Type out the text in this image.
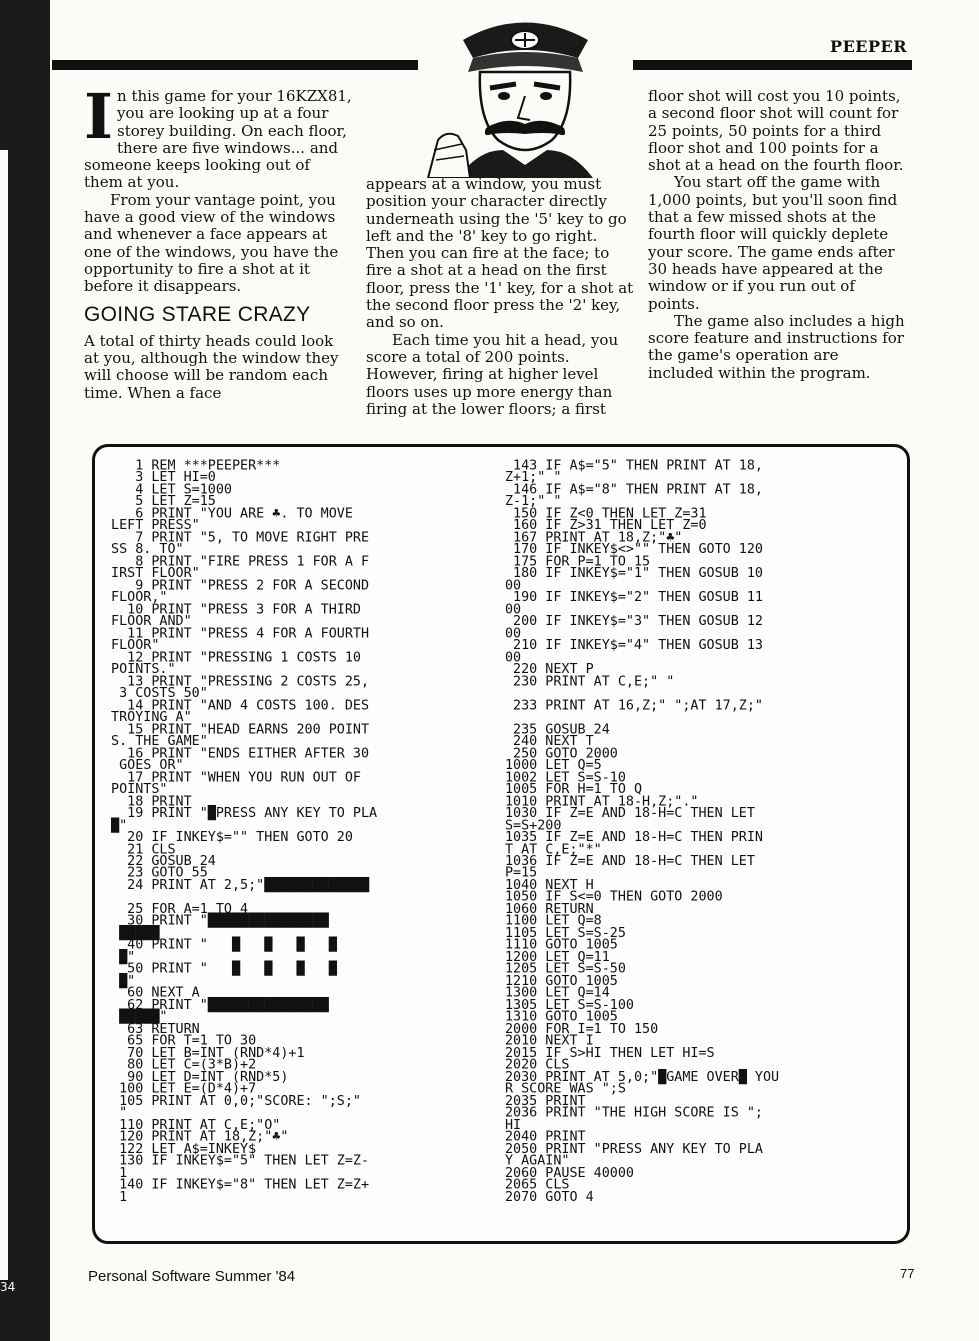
34
PEEPER

In this game for your 16KZX81, you are looking up at a four storey building. On each floor, there are five windows... and someone keeps looking out of them at you.

From your vantage point, you have a good view of the windows and whenever a face appears at one of the windows, you have the opportunity to fire a shot at it before it disappears.

GOING STARE CRAZY

A total of thirty heads could look at you, although the window they will choose will be random each time. When a face

appears at a window, you must position your character directly underneath using the '5' key to go left and the '8' key to go right. Then you can fire at the face; to fire a shot at a head on the first floor, press the '1' key, for a shot at the second floor press the '2' key, and so on.

Each time you hit a head, you score a total of 200 points. However, firing at higher level floors uses up more energy than firing at the lower floors; a first

floor shot will cost you 10 points, a second floor shot will count for 25 points, 50 points for a third floor shot and 100 points for a shot at a head on the fourth floor.

You start off the game with 1,000 points, but you'll soon find that a few missed shots at the fourth floor will quickly deplete your score. The game ends after 30 heads have appeared at the window or if you run out of points.

The game also includes a high score feature and instructions for the game's operation are included within the program.

1 REM ***PEEPER***
3 LET HI=0
4 LET S=1000
5 LET Z=15
6 PRINT "YOU ARE ♣. TO MOVE
LEFT PRESS"
7 PRINT "5, TO MOVE RIGHT PRE
SS 8. TO"
8 PRINT "FIRE PRESS 1 FOR A F
IRST FLOOR"
9 PRINT "PRESS 2 FOR A SECOND
FLOOR,"
10 PRINT "PRESS 3 FOR A THIRD
FLOOR AND"
11 PRINT "PRESS 4 FOR A FOURTH
FLOOR"
12 PRINT "PRESSING 1 COSTS 10
POINTS."
13 PRINT "PRESSING 2 COSTS 25,
3 COSTS 50"
14 PRINT "AND 4 COSTS 100. DES
TROYING A"
15 PRINT "HEAD EARNS 200 POINT
S. THE GAME"
16 PRINT "ENDS EITHER AFTER 30
GOES OR"
17 PRINT "WHEN YOU RUN OUT OF
POINTS"
18 PRINT
19 PRINT "█PRESS ANY KEY TO PLA
█"
20 IF INKEY$="" THEN GOTO 20
21 CLS
22 GOSUB 24
23 GOTO 55
24 PRINT AT 2,5;"█████████████

25 FOR A=1 TO 4
30 PRINT "███████████████
█████
40 PRINT "   █   █   █   █
█"
50 PRINT "   █   █   █   █
█"
60 NEXT A
62 PRINT "███████████████
█████"
63 RETURN
65 FOR T=1 TO 30
70 LET B=INT (RND*4)+1
80 LET C=(3*B)+2
90 LET D=INT (RND*5)
100 LET E=(D*4)+7
105 PRINT AT 0,0;"SCORE: ";S;"
"
110 PRINT AT C,E;"O"
120 PRINT AT 18,Z;"♣"
122 LET A$=INKEY$
130 IF INKEY$="5" THEN LET Z=Z-
1
140 IF INKEY$="8" THEN LET Z=Z+
1
143 IF A$="5" THEN PRINT AT 18,
Z+1;" "
146 IF A$="8" THEN PRINT AT 18,
Z-1;" "
150 IF Z<0 THEN LET Z=31
160 IF Z>31 THEN LET Z=0
167 PRINT AT 18,Z;"♣"
170 IF INKEY$<>"" THEN GOTO 120
175 FOR P=1 TO 15
180 IF INKEY$="1" THEN GOSUB 10
00
190 IF INKEY$="2" THEN GOSUB 11
00
200 IF INKEY$="3" THEN GOSUB 12
00
210 IF INKEY$="4" THEN GOSUB 13
00
220 NEXT P
230 PRINT AT C,E;" "

233 PRINT AT 16,Z;" ";AT 17,Z;"

235 GOSUB 24
240 NEXT T
250 GOTO 2000
1000 LET Q=5
1002 LET S=S-10
1005 FOR H=1 TO Q
1010 PRINT AT 18-H,Z;"."
1030 IF Z=E AND 18-H=C THEN LET
S=S+200
1035 IF Z=E AND 18-H=C THEN PRIN
T AT C,E;"*"
1036 IF Z=E AND 18-H=C THEN LET
P=15
1040 NEXT H
1050 IF S<=0 THEN GOTO 2000
1060 RETURN
1100 LET Q=8
1105 LET S=S-25
1110 GOTO 1005
1200 LET Q=11
1205 LET S=S-50
1210 GOTO 1005
1300 LET Q=14
1305 LET S=S-100
1310 GOTO 1005
2000 FOR I=1 TO 150
2010 NEXT I
2015 IF S>HI THEN LET HI=S
2020 CLS
2030 PRINT AT 5,0;"█GAME OVER█ YOU
R SCORE WAS ";S
2035 PRINT
2036 PRINT "THE HIGH SCORE IS ";
HI
2040 PRINT
2050 PRINT "PRESS ANY KEY TO PLA
Y AGAIN"
2060 PAUSE 40000
2065 CLS
2070 GOTO 4
Personal Software Summer '84	77
